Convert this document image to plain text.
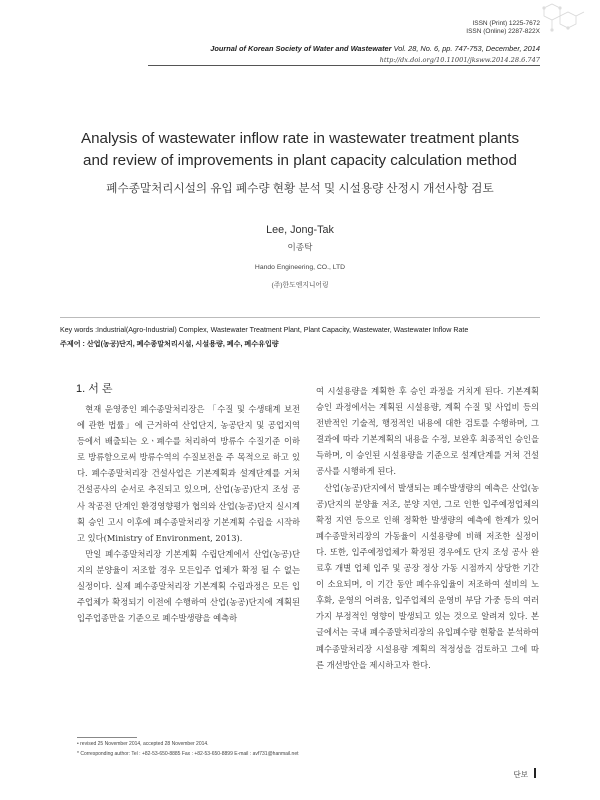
ISSN (Print) 1225-7672
ISSN (Online) 2287-822X
Journal of Korean Society of Water and Wastewater Vol. 28, No. 6, pp. 747-753, December, 2014
http://dx.doi.org/10.11001/jksww.2014.28.6.747
Analysis of wastewater inflow rate in wastewater treatment plants
and review of improvements in plant capacity calculation method
폐수종말처리시설의 유입 폐수량 현황 분석 및 시설용량 산정시 개선사항 검토
Lee, Jong-Tak
이종탁
Hando Engineering, CO., LTD
(주)한도엔지니어링
Key words :Industrial(Agro-Industrial) Complex, Wastewater Treatment Plant, Plant Capacity, Wastewater, Wastewater Inflow Rate
주제어 : 산업(농공)단지, 폐수종말처리시설, 시설용량, 폐수, 폐수유입량
1. 서 론

현재 운영중인 폐수종말처리장은 「수질 및 수생태계 보전에 관한 법률」에 근거하여 산업단지, 농공단지 및 공업지역 등에서 배출되는 오ㆍ폐수를 처리하여 방류수 수질기준 이하로 방류함으로써 방류수역의 수질보전을 주 목적으로 하고 있다. 폐수종말처리장 건설사업은 기본계획과 설계단계를 거쳐 건설공사의 순서로 추진되고 있으며, 산업(농공)단지 조성 공사 착공전 단계인 환경영향평가 협의와 산업(농공)단지 실시계획 승인 고시 이후에 폐수종말처리장 기본계획 수립을 시작하고 있다(Ministry of Environment, 2013).

만일 폐수종말처리장 기본계획 수립단계에서 산업(농공)단지의 분양율이 저조할 경우 모든입주 업체가 확정 될 수 없는 실정이다. 실제 폐수종말처리장 기본계획 수립과정은 모든 입주업체가 확정되기 이전에 수행하여 산업(농공)단지에 계획된 입주업종만을 기준으로 폐수발생량을 예측하

여 시설용량을 계획한 후 승인 과정을 거치게 된다. 기본계획 승인 과정에서는 계획된 시설용량, 계획 수질 및 사업비 등의 전반적인 기술적, 행정적인 내용에 대한 검토를 수행하며, 그 결과에 따라 기본계획의 내용을 수정, 보완후 최종적인 승인을 득하며, 이 승인된 시설용량을 기준으로 설계단계를 거쳐 건설공사를 시행하게 된다.

산업(농공)단지에서 발생되는 폐수발생량의 예측은 산업(농공)단지의 분양율 저조, 분양 지연, 그로 인한 입주예정업체의 확정 지연 등으로 인해 정확한 발생량의 예측에 한계가 있어 폐수종말처리장의 가동율이 시설용량에 비해 저조한 실정이다. 또한, 입주예정업체가 확정된 경우에도 단지 조성 공사 완료후 개별 업체 입주 및 공장 정상 가동 시점까지 상당한 기간이 소요되며, 이 기간 동안 폐수유입율이 저조하여 설비의 노후화, 운영의 어려움, 입주업체의 운영비 부담 가중 등의 여러 가지 부정적인 영향이 발생되고 있는 것으로 알려져 있다. 본 글에서는 국내 폐수종말처리장의 유입폐수량 현황을 분석하여 폐수종말처리장 시설용량 계획의 적정성을 검토하고 그에 따른 개선방안을 제시하고자 한다.

• revised 25 November 2014, accepted 28 November 2014.
* Corresponding author: Tel : +82-53-650-8885 Fax : +82-53-650-8899 E-mail : avf731@hanmail.net
단보
